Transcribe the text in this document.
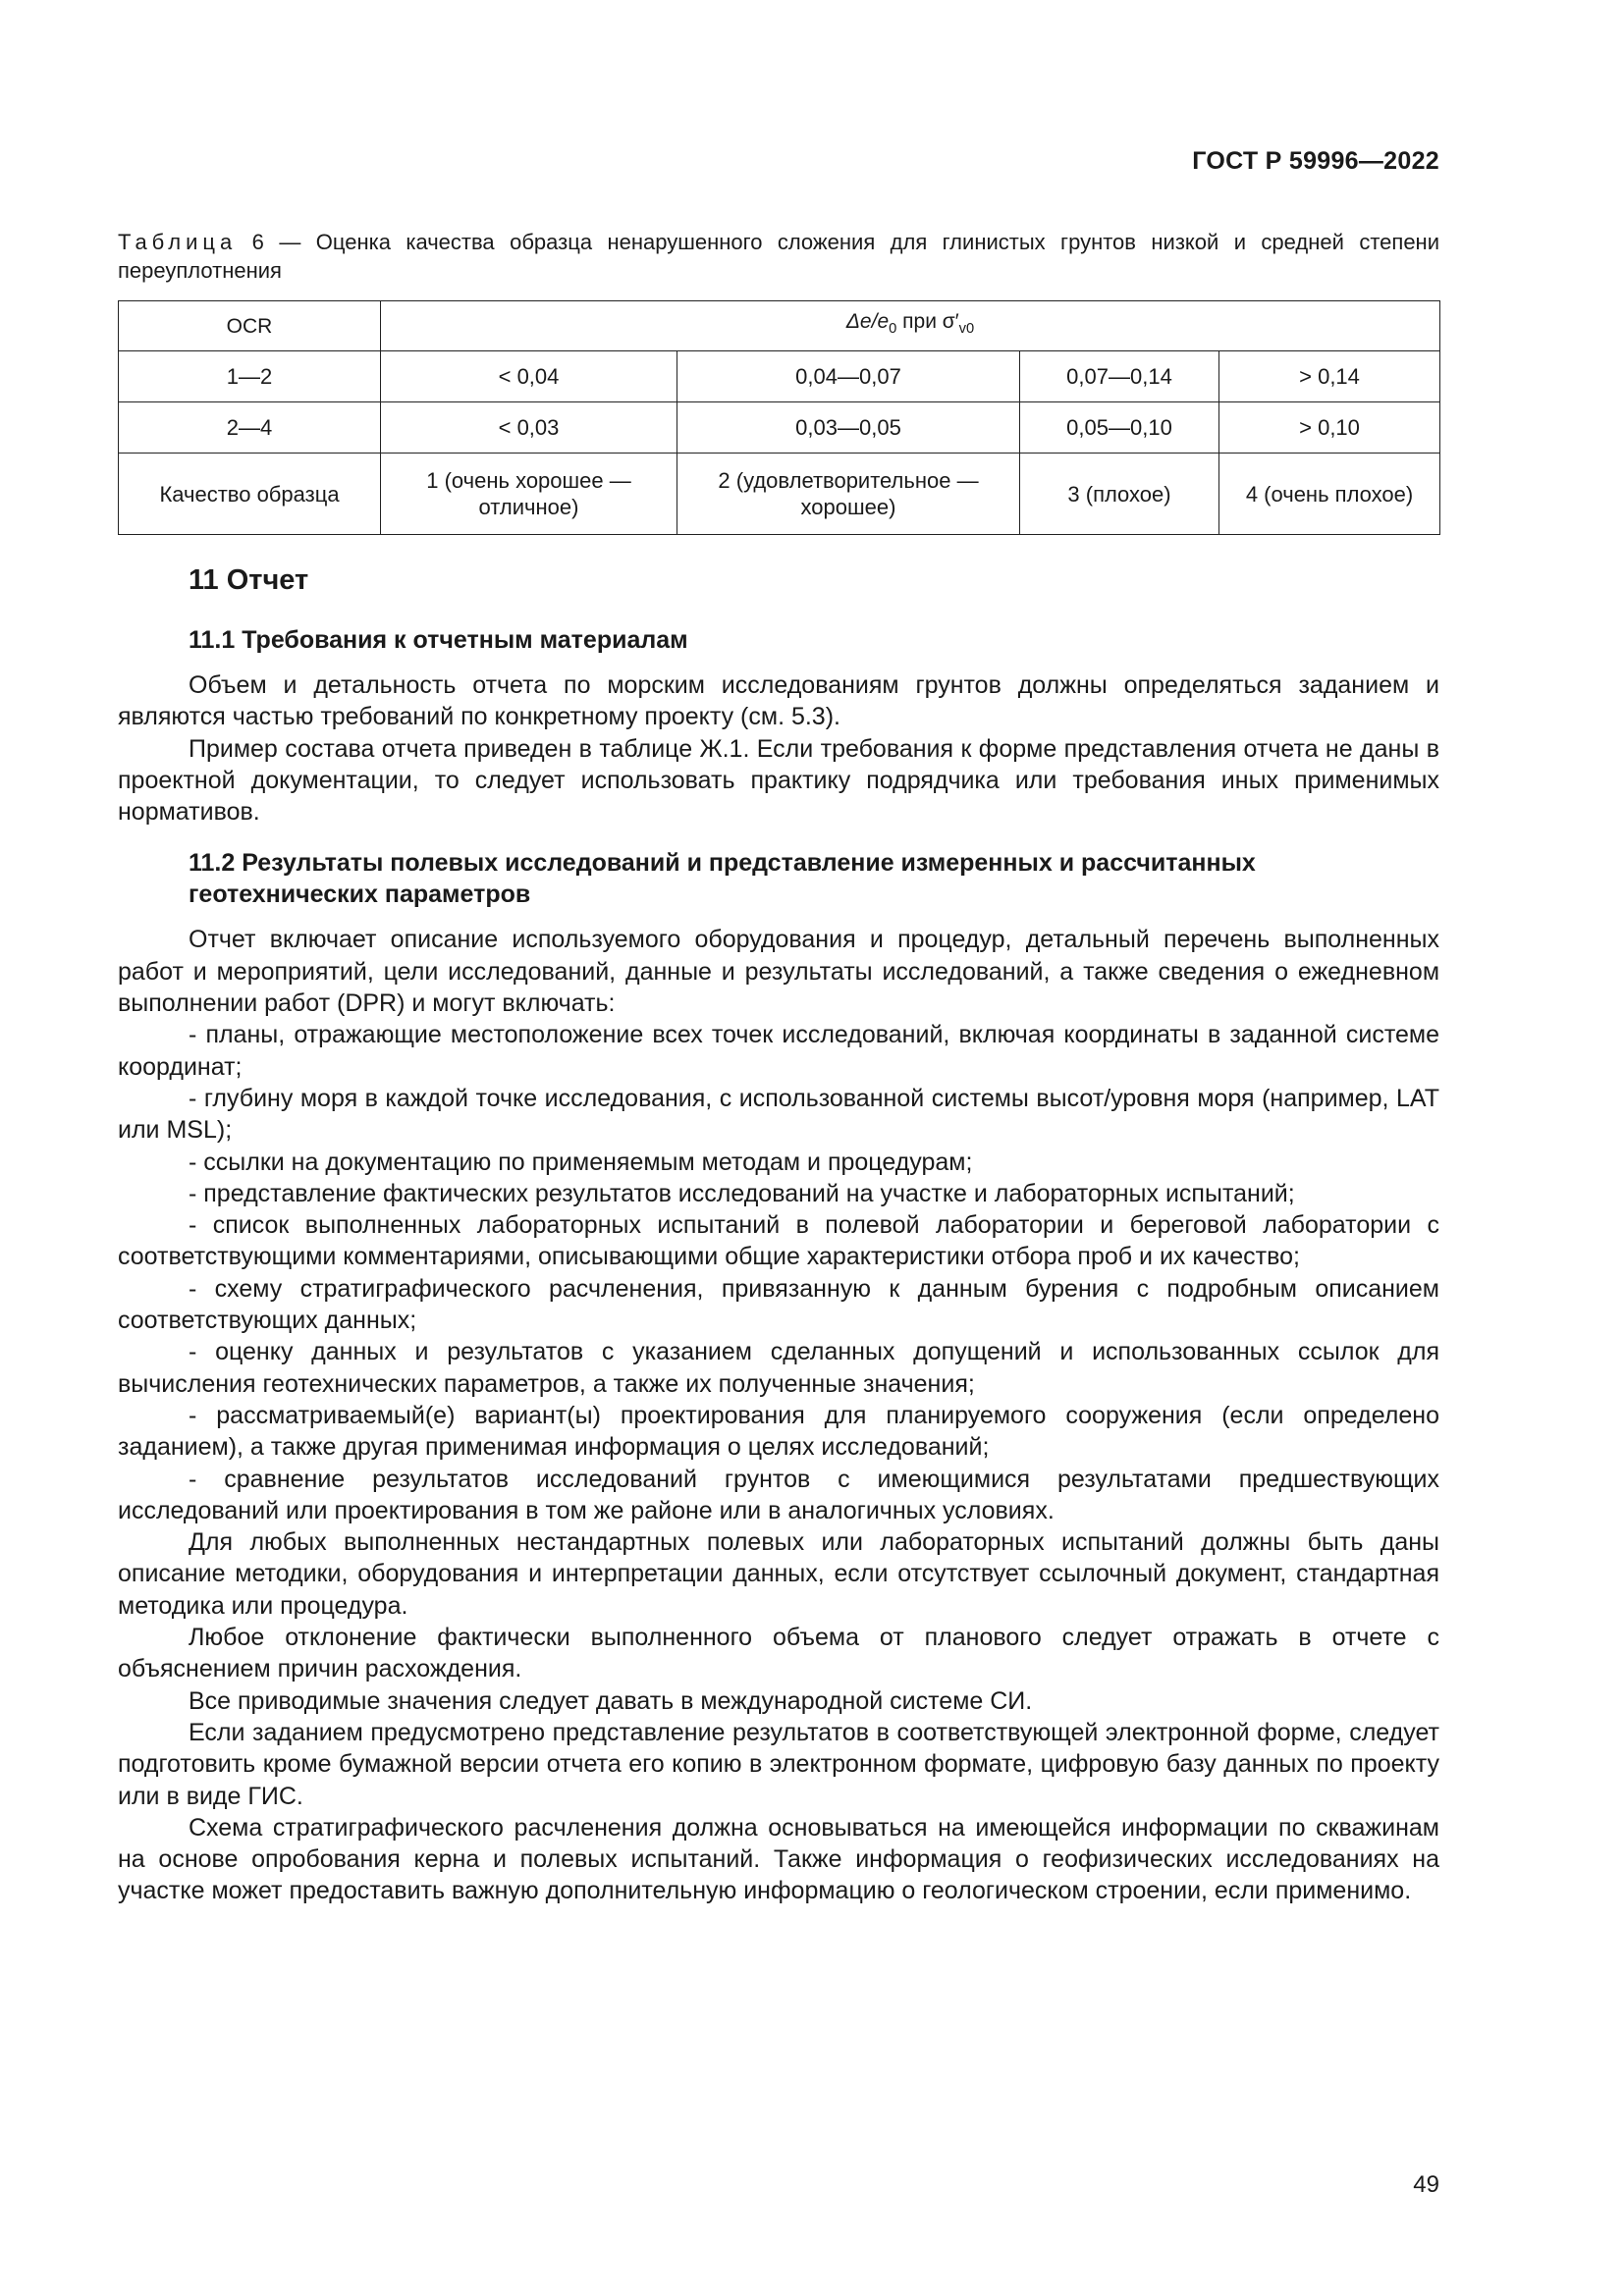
ГОСТ Р 59996—2022
Таблица 6 — Оценка качества образца ненарушенного сложения для глинистых грунтов низкой и средней степени переуплотнения
OCR	$\Delta e/e_0$ при $\sigma'_{v0}$
1—2	< 0,04	0,04—0,07	0,07—0,14	> 0,14
2—4	< 0,03	0,03—0,05	0,05—0,10	> 0,10
Качество образца	1 (очень хорошее — отличное)	2 (удовлетворительное — хорошее)	3 (плохое)	4 (очень плохое)
11 Отчет
11.1 Требования к отчетным материалам

Объем и детальность отчета по морским исследованиям грунтов должны определяться заданием и являются частью требований по конкретному проекту (см. 5.3).

Пример состава отчета приведен в таблице Ж.1. Если требования к форме представления отчета не даны в проектной документации, то следует использовать практику подрядчика или требования иных применимых нормативов.

11.2 Результаты полевых исследований и представление измеренных и рассчитанных
геотехнических параметров

Отчет включает описание используемого оборудования и процедур, детальный перечень выполненных работ и мероприятий, цели исследований, данные и результаты исследований, а также сведения о ежедневном выполнении работ (DPR) и могут включать:

- планы, отражающие местоположение всех точек исследований, включая координаты в заданной системе координат;

- глубину моря в каждой точке исследования, с использованной системы высот/уровня моря (например, LAT или MSL);

- ссылки на документацию по применяемым методам и процедурам;

- представление фактических результатов исследований на участке и лабораторных испытаний;

- список выполненных лабораторных испытаний в полевой лаборатории и береговой лаборатории с соответствующими комментариями, описывающими общие характеристики отбора проб и их качество;

- схему стратиграфического расчленения, привязанную к данным бурения с подробным описанием соответствующих данных;

- оценку данных и результатов с указанием сделанных допущений и использованных ссылок для вычисления геотехнических параметров, а также их полученные значения;

- рассматриваемый(е) вариант(ы) проектирования для планируемого сооружения (если определено заданием), а также другая применимая информация о целях исследований;

- сравнение результатов исследований грунтов с имеющимися результатами предшествующих исследований или проектирования в том же районе или в аналогичных условиях.

Для любых выполненных нестандартных полевых или лабораторных испытаний должны быть даны описание методики, оборудования и интерпретации данных, если отсутствует ссылочный документ, стандартная методика или процедура.

Любое отклонение фактически выполненного объема от планового следует отражать в отчете с объяснением причин расхождения.

Все приводимые значения следует давать в международной системе СИ.

Если заданием предусмотрено представление результатов в соответствующей электронной форме, следует подготовить кроме бумажной версии отчета его копию в электронном формате, цифровую базу данных по проекту или в виде ГИС.

Схема стратиграфического расчленения должна основываться на имеющейся информации по скважинам на основе опробования керна и полевых испытаний. Также информация о геофизических исследованиях на участке может предоставить важную дополнительную информацию о геологическом строении, если применимо.

49
